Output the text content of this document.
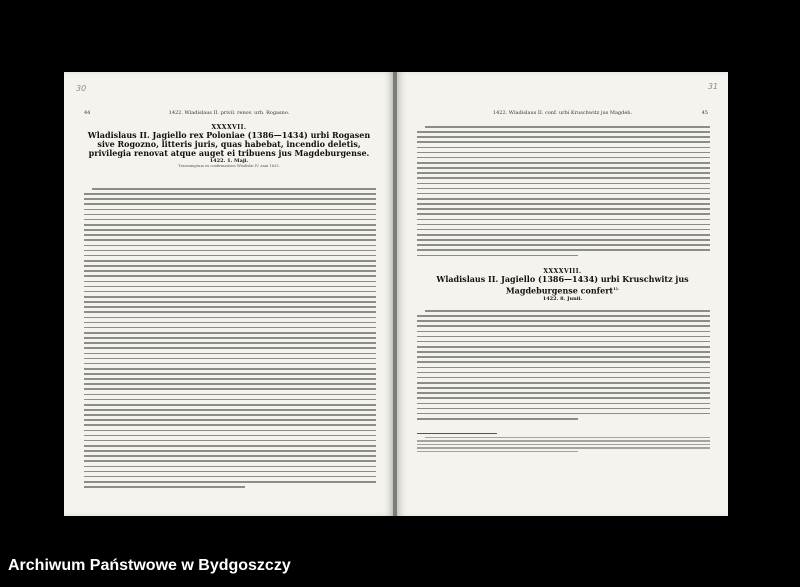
30
44	1422. Wladislaus II. privil. renov. urb. Rogasno.
XXXXVII.
Wladislaus II. Jagiello rex Poloniae (1386—1434) urbi Rogasen sive Rogozno, litteris juris, quas habebat, incendio deletis, privilegia renovat atque auget ei tribuens jus Magdeburgense.
1422. 1. Maji.
Transumptum ex confirmatione Wladislai IV. anni 1633.
31
1422. Wladislaus II. conf. urbi Kruschwitz jus Magdeb.	45
XXXXVIII.
Wladislaus II. Jagiello (1386—1434) urbi Kruschwitz jus Magdeburgense confert$^{1).}$
1422. 8. Junii.
Archiwum Państwowe w Bydgoszczy
